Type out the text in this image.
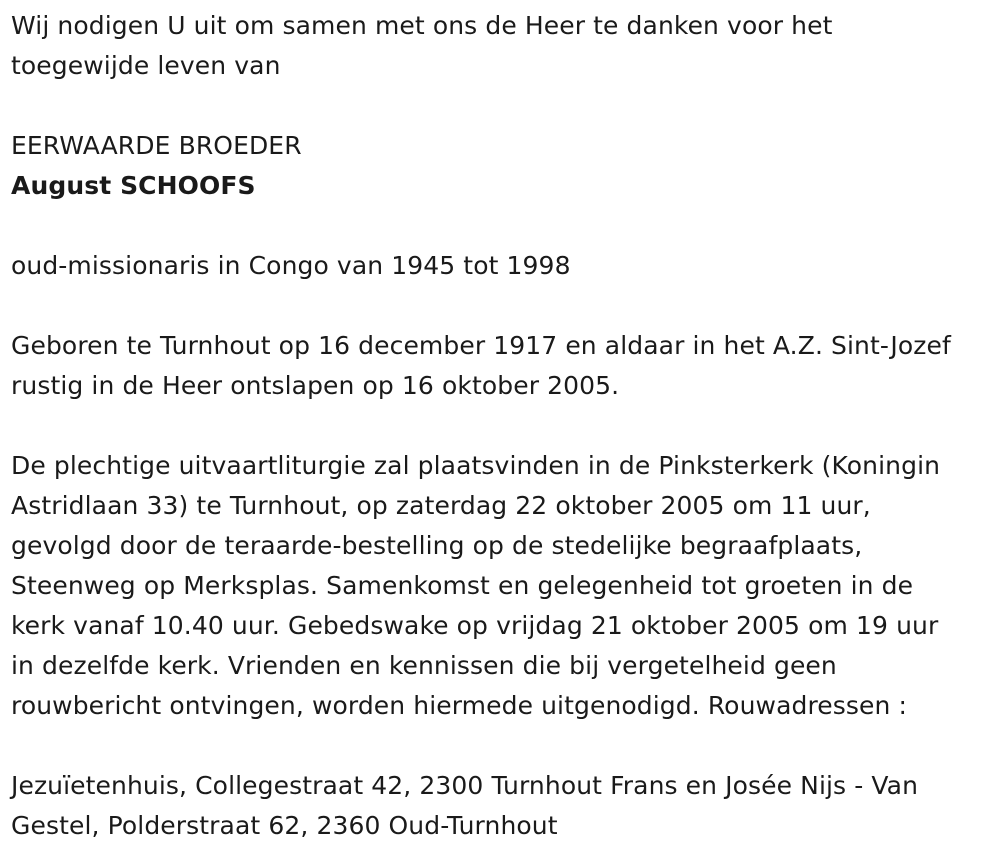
Wij nodigen U uit om samen met ons de Heer te danken voor het

toegewijde leven van

EERWAARDE BROEDER

August SCHOOFS

oud-missionaris in Congo van 1945 tot 1998

Geboren te Turnhout op 16 december 1917 en aldaar in het A.Z. Sint-Jozef

rustig in de Heer ontslapen op 16 oktober 2005.

De plechtige uitvaartliturgie zal plaatsvinden in de Pinksterkerk (Koningin

Astridlaan 33) te Turnhout, op zaterdag 22 oktober 2005 om 11 uur,

gevolgd door de teraarde-bestelling op de stedelijke begraafplaats,

Steenweg op Merksplas. Samenkomst en gelegenheid tot groeten in de

kerk vanaf 10.40 uur. Gebedswake op vrijdag 21 oktober 2005 om 19 uur

in dezelfde kerk. Vrienden en kennissen die bij vergetelheid geen

rouwbericht ontvingen, worden hiermede uitgenodigd. Rouwadressen :

Jezuïetenhuis, Collegestraat 42, 2300 Turnhout Frans en Josée Nijs - Van

Gestel, Polderstraat 62, 2360 Oud-Turnhout
